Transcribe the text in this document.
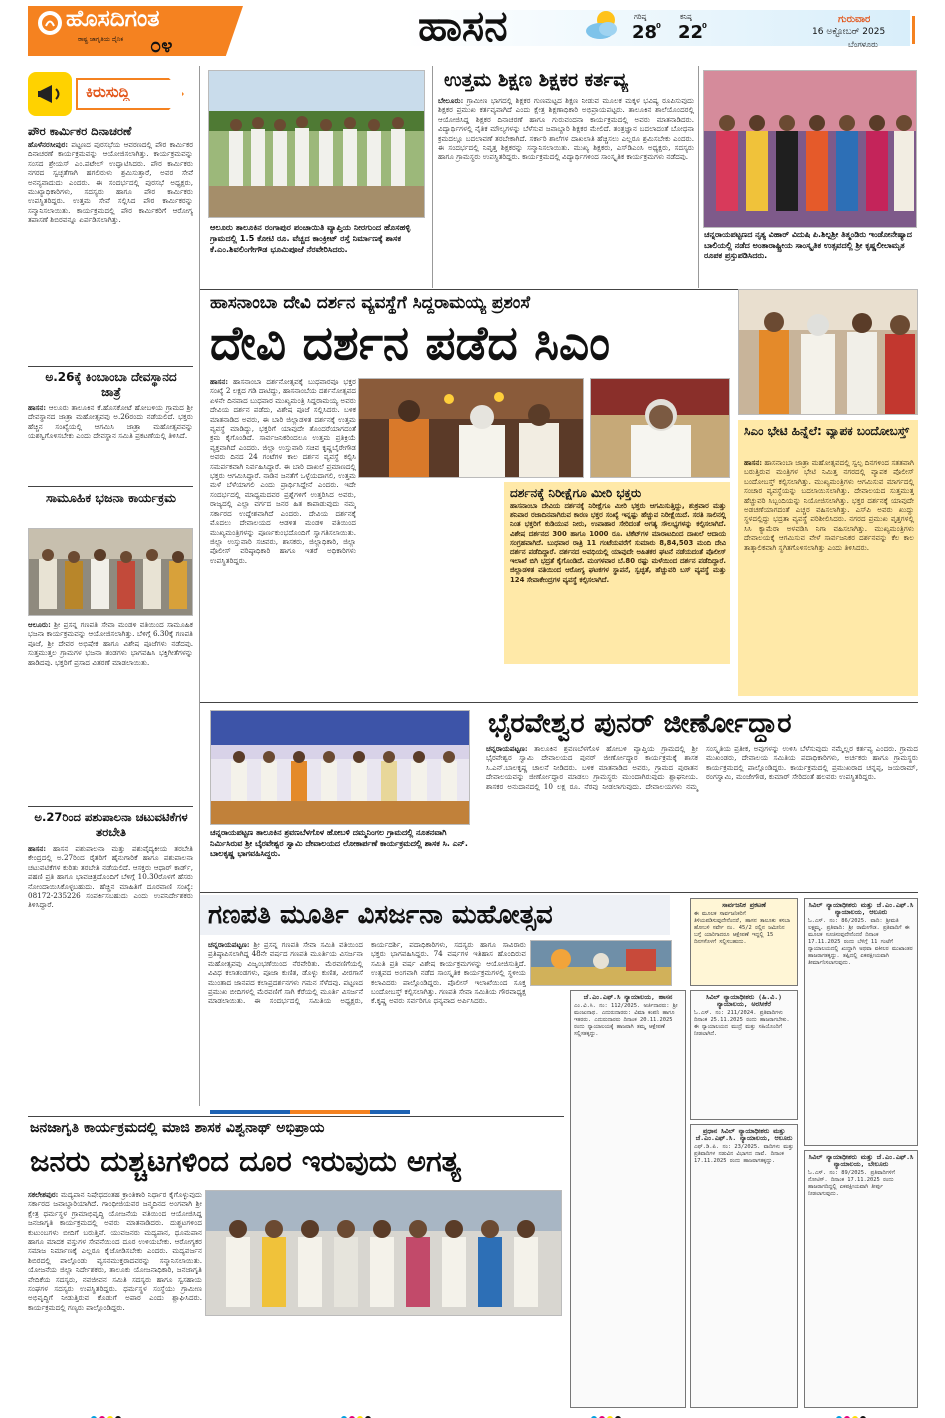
ಹೊಸದಿಗಂತ
ರಾಷ್ಟ್ರ ಜಾಗೃತಿಯ ದೈನಿಕ ೦೪	ಹಾಸನ	ಗರಿಷ್ಠ
28
0
ಕನಿಷ್ಠ
22
0
ಗುರುವಾರ
16 ಅಕ್ಟೋಬರ್ 2025
ಬೆಂಗಳೂರು
ಕಿರುಸುದ್ದಿ
ಪೌರ ಕಾರ್ಮಿಕರ ದಿನಾಚರಣೆ
ಹೊಳೆನರಸೀಪುರ: ಪಟ್ಟಣದ ಪುರಸಭೆಯ ಆವರಣದಲ್ಲಿ ಪೌರ ಕಾರ್ಮಿಕರ ದಿನಾಚರಣೆ ಕಾರ್ಯಕ್ರಮವನ್ನು ಆಯೋಜಿಸಲಾಗಿತ್ತು. ಕಾರ್ಯಕ್ರಮವನ್ನು ಸಂಸದ ಶ್ರೇಯಸ್ ಎಂ.ಪಟೇಲ್ ಉದ್ಘಾಟಿಸಿದರು. ಪೌರ ಕಾರ್ಮಿಕರು ನಗರದ ಸ್ವಚ್ಛತೆಗಾಗಿ ಹಗಲಿರುಳು ಶ್ರಮಿಸುತ್ತಾರೆ, ಅವರ ಸೇವೆ ಅನನ್ಯವಾದುದು ಎಂದರು. ಈ ಸಂದರ್ಭದಲ್ಲಿ ಪುರಸಭೆ ಅಧ್ಯಕ್ಷರು, ಮುಖ್ಯಾಧಿಕಾರಿಗಳು, ಸದಸ್ಯರು ಹಾಗೂ ಪೌರ ಕಾರ್ಮಿಕರು ಉಪಸ್ಥಿತರಿದ್ದರು. ಉತ್ತಮ ಸೇವೆ ಸಲ್ಲಿಸಿದ ಪೌರ ಕಾರ್ಮಿಕರನ್ನು ಸನ್ಮಾನಿಸಲಾಯಿತು. ಕಾರ್ಯಕ್ರಮದಲ್ಲಿ ಪೌರ ಕಾರ್ಮಿಕರಿಗೆ ಆರೋಗ್ಯ ತಪಾಸಣೆ ಶಿಬಿರವನ್ನೂ ಏರ್ಪಡಿಸಲಾಗಿತ್ತು.
ಅ.26ಕ್ಕೆ ಕಿಂಬಾಂಬಾ ದೇವಸ್ಥಾನದ ಜಾತ್ರೆ
ಹಾಸನ: ಆಲೂರು ತಾಲೂಕಿನ ಕೆ.ಹೊಸಕೋಟೆ ಹೋಬಳಿಯ ಗ್ರಾಮದ ಶ್ರೀ ದೇವಸ್ಥಾನದ ಜಾತ್ರಾ ಮಹೋತ್ಸವವು ಅ.26ರಂದು ನಡೆಯಲಿದೆ. ಭಕ್ತರು ಹೆಚ್ಚಿನ ಸಂಖ್ಯೆಯಲ್ಲಿ ಆಗಮಿಸಿ ಜಾತ್ರಾ ಮಹೋತ್ಸವವನ್ನು ಯಶಸ್ವಿಗೊಳಿಸಬೇಕು ಎಂದು ದೇವಸ್ಥಾನ ಸಮಿತಿ ಪ್ರಕಟಣೆಯಲ್ಲಿ ತಿಳಿಸಿದೆ.
ಸಾಮೂಹಿಕ ಭಜನಾ ಕಾರ್ಯಕ್ರಮ
ಆಲೂರು: ಶ್ರೀ ಪ್ರಸನ್ನ ಗಣಪತಿ ಸೇವಾ ಮಂಡಳಿ ವತಿಯಿಂದ ಸಾಮೂಹಿಕ ಭಜನಾ ಕಾರ್ಯಕ್ರಮವನ್ನು ಆಯೋಜಿಸಲಾಗಿತ್ತು. ಬೆಳಿಗ್ಗೆ 6.30ಕ್ಕೆ ಗಣಪತಿ ಪೂಜೆ, ಶ್ರೀ ದೇವರ ಅಭಿಷೇಕ ಹಾಗೂ ವಿಶೇಷ ಪೂಜೆಗಳು ನಡೆದವು. ಸುತ್ತಮುತ್ತಲ ಗ್ರಾಮಗಳ ಭಜನಾ ತಂಡಗಳು ಭಾಗವಹಿಸಿ ಭಕ್ತಿಗೀತೆಗಳನ್ನು ಹಾಡಿದವು. ಭಕ್ತರಿಗೆ ಪ್ರಸಾದ ವಿತರಣೆ ಮಾಡಲಾಯಿತು.
ಅ.27ರಿಂದ ಪಶುಪಾಲನಾ ಚಟುವಟಿಕೆಗಳ ತರಬೇತಿ
ಹಾಸನ: ಹಾಸನ ಪಶುಪಾಲನಾ ಮತ್ತು ಪಶುವೈದ್ಯಕೀಯ ತರಬೇತಿ ಕೇಂದ್ರದಲ್ಲಿ ಅ.27ರಿಂದ ರೈತರಿಗೆ ಹೈನುಗಾರಿಕೆ ಹಾಗೂ ಪಶುಪಾಲನಾ ಚಟುವಟಿಕೆಗಳ ಕುರಿತು ತರಬೇತಿ ನಡೆಯಲಿದೆ. ಆಸಕ್ತರು ಆಧಾರ್ ಕಾರ್ಡ್, ಪಹಣಿ ಪ್ರತಿ ಹಾಗೂ ಭಾವಚಿತ್ರದೊಂದಿಗೆ ಬೆಳಿಗ್ಗೆ 10.30ರೊಳಗೆ ಹೆಸರು ನೋಂದಾಯಿಸಿಕೊಳ್ಳಬಹುದು. ಹೆಚ್ಚಿನ ಮಾಹಿತಿಗೆ ದೂರವಾಣಿ ಸಂಖ್ಯೆ: 08172-235226 ಸಂಪರ್ಕಿಸಬಹುದು ಎಂದು ಉಪನಿರ್ದೇಶಕರು ತಿಳಿಸಿದ್ದಾರೆ.
ಆಲೂರು ತಾಲೂಕಿನ ರಂಗಾಪುರ ಪಂಚಾಯಿತಿ ವ್ಯಾಪ್ತಿಯ ನೀರಗುಂದ ಹೊಸಹಳ್ಳಿ ಗ್ರಾಮದಲ್ಲಿ 1.5 ಕೋಟಿ ರೂ. ವೆಚ್ಚದ ಕಾಂಕ್ರೀಟ್ ರಸ್ತೆ ನಿರ್ಮಾಣಕ್ಕೆ ಶಾಸಕ ಕೆ.ಎಂ.ಶಿವಲಿಂಗೇಗೌಡ ಭೂಮಿಪೂಜೆ ನೆರವೇರಿಸಿದರು.
ಉತ್ತಮ ಶಿಕ್ಷಣ ಶಿಕ್ಷಕರ ಕರ್ತವ್ಯ
ಬೇಲೂರು: ಗ್ರಾಮೀಣ ಭಾಗದಲ್ಲಿ ಶಿಕ್ಷಕರ ಗುಣಮಟ್ಟದ ಶಿಕ್ಷಣ ನೀಡುವ ಮೂಲಕ ಮಕ್ಕಳ ಭವಿಷ್ಯ ರೂಪಿಸುವುದು ಶಿಕ್ಷಕರ ಪ್ರಮುಖ ಕರ್ತವ್ಯವಾಗಿದೆ ಎಂದು ಕ್ಷೇತ್ರ ಶಿಕ್ಷಣಾಧಿಕಾರಿ ಅಭಿಪ್ರಾಯಪಟ್ಟರು. ತಾಲೂಕಿನ ಶಾಲೆಯೊಂದರಲ್ಲಿ ಆಯೋಜಿಸಿದ್ದ ಶಿಕ್ಷಕರ ದಿನಾಚರಣೆ ಹಾಗೂ ಗುರುವಂದನಾ ಕಾರ್ಯಕ್ರಮದಲ್ಲಿ ಅವರು ಮಾತನಾಡಿದರು. ವಿದ್ಯಾರ್ಥಿಗಳಲ್ಲಿ ನೈತಿಕ ಮೌಲ್ಯಗಳನ್ನು ಬೆಳೆಸುವ ಜವಾಬ್ದಾರಿ ಶಿಕ್ಷಕರ ಮೇಲಿದೆ. ತಂತ್ರಜ್ಞಾನ ಬದಲಾದಂತೆ ಬೋಧನಾ ಕ್ರಮದಲ್ಲೂ ಬದಲಾವಣೆ ತರಬೇಕಾಗಿದೆ. ಸರ್ಕಾರಿ ಶಾಲೆಗಳ ದಾಖಲಾತಿ ಹೆಚ್ಚಿಸಲು ಎಲ್ಲರೂ ಶ್ರಮಿಸಬೇಕು ಎಂದರು. ಈ ಸಂದರ್ಭದಲ್ಲಿ ನಿವೃತ್ತ ಶಿಕ್ಷಕರನ್ನು ಸನ್ಮಾನಿಸಲಾಯಿತು. ಮುಖ್ಯ ಶಿಕ್ಷಕರು, ಎಸ್‌ಡಿಎಂಸಿ ಅಧ್ಯಕ್ಷರು, ಸದಸ್ಯರು ಹಾಗೂ ಗ್ರಾಮಸ್ಥರು ಉಪಸ್ಥಿತರಿದ್ದರು. ಕಾರ್ಯಕ್ರಮದಲ್ಲಿ ವಿದ್ಯಾರ್ಥಿಗಳಿಂದ ಸಾಂಸ್ಕೃತಿಕ ಕಾರ್ಯಕ್ರಮಗಳು ನಡೆದವು.
ಚನ್ನರಾಯಪಟ್ಟಣದ ನೃತ್ಯ ವಿಹಾರ್ ವಿದುಷಿ ಪಿ.ಶಿಲ್ಪಶ್ರೀ ತಿತ್ಮಂಡಿರು ಇಂಡೋನೇಷ್ಯಾದ ಬಾಲಿಯಲ್ಲಿ ನಡೆದ ಅಂತಾರಾಷ್ಟ್ರೀಯ ಸಾಂಸ್ಕೃತಿಕ ಉತ್ಸವದಲ್ಲಿ ಶ್ರೀ ಕೃಷ್ಣಲೀಲಾಮೃತ ರೂಪಕ ಪ್ರಸ್ತುಪಡಿಸಿದರು.
ಹಾಸನಾಂಬಾ ದೇವಿ ದರ್ಶನ ವ್ಯವಸ್ಥೆಗೆ ಸಿದ್ದರಾಮಯ್ಯ ಪ್ರಶಂಸೆ
ದೇವಿ ದರ್ಶನ ಪಡೆದ ಸಿಎಂ
ಹಾಸನ: ಹಾಸನಾಂಬಾ ದರ್ಶನೋತ್ಸವಕ್ಕೆ ಬುಧವಾರವೂ ಭಕ್ತರ ಸಂಖ್ಯೆ 2 ಲಕ್ಷದ ಗಡಿ ದಾಟಿದ್ದು, ಹಾಸನಾಂಬೆಯ ದರ್ಶನೋತ್ಸವದ ಏಳನೇ ದಿನವಾದ ಬುಧವಾರ ಮುಖ್ಯಮಂತ್ರಿ ಸಿದ್ದರಾಮಯ್ಯ ಅವರು ದೇವಿಯ ದರ್ಶನ ಪಡೆದು, ವಿಶೇಷ ಪೂಜೆ ಸಲ್ಲಿಸಿದರು. ಬಳಿಕ ಮಾತನಾಡಿದ ಅವರು, ಈ ಬಾರಿ ಜಿಲ್ಲಾಡಳಿತ ದರ್ಶನಕ್ಕೆ ಉತ್ತಮ ವ್ಯವಸ್ಥೆ ಮಾಡಿದ್ದು, ಭಕ್ತರಿಗೆ ಯಾವುದೇ ತೊಂದರೆಯಾಗದಂತೆ ಕ್ರಮ ಕೈಗೊಂಡಿದೆ. ಸಾರ್ವಜನಿಕರಿಂದಲೂ ಉತ್ತಮ ಪ್ರತಿಕ್ರಿಯೆ ವ್ಯಕ್ತವಾಗಿದೆ ಎಂದರು. ಜಿಲ್ಲಾ ಉಸ್ತುವಾರಿ ಸಚಿವ ಕೃಷ್ಣಬೈರೇಗೌಡ ಅವರು ದಿನದ 24 ಗಂಟೆಗಳ ಕಾಲ ದರ್ಶನ ವ್ಯವಸ್ಥೆ ಕಲ್ಪಿಸಿ ಸಮರ್ಪಕವಾಗಿ ನಿರ್ವಹಿಸಿದ್ದಾರೆ. ಈ ಬಾರಿ ದಾಖಲೆ ಪ್ರಮಾಣದಲ್ಲಿ ಭಕ್ತರು ಆಗಮಿಸಿದ್ದಾರೆ. ನಾಡಿನ ಜನತೆಗೆ ಒಳ್ಳೆಯದಾಗಲಿ, ಉತ್ತಮ ಮಳೆ ಬೆಳೆಯಾಗಲಿ ಎಂದು ಪ್ರಾರ್ಥಿಸಿದ್ದೇನೆ ಎಂದರು. ಇದೇ ಸಂದರ್ಭದಲ್ಲಿ ಮಾಧ್ಯಮದವರ ಪ್ರಶ್ನೆಗಳಿಗೆ ಉತ್ತರಿಸಿದ ಅವರು, ರಾಜ್ಯದಲ್ಲಿ ಎಲ್ಲಾ ವರ್ಗದ ಜನರ ಹಿತ ಕಾಪಾಡುವುದು ನಮ್ಮ ಸರ್ಕಾರದ ಉದ್ದೇಶವಾಗಿದೆ ಎಂದರು. ದೇವಿಯ ದರ್ಶನಕ್ಕೆ ಮೊದಲು ದೇವಾಲಯದ ಆಡಳಿತ ಮಂಡಳಿ ವತಿಯಿಂದ ಮುಖ್ಯಮಂತ್ರಿಗಳನ್ನು ಪೂರ್ಣಕುಂಭದೊಂದಿಗೆ ಸ್ವಾಗತಿಸಲಾಯಿತು. ಜಿಲ್ಲಾ ಉಸ್ತುವಾರಿ ಸಚಿವರು, ಶಾಸಕರು, ಜಿಲ್ಲಾಧಿಕಾರಿ, ಜಿಲ್ಲಾ ಪೊಲೀಸ್ ವರಿಷ್ಠಾಧಿಕಾರಿ ಹಾಗೂ ಇತರೆ ಅಧಿಕಾರಿಗಳು ಉಪಸ್ಥಿತರಿದ್ದರು.
ದರ್ಶನಕ್ಕೆ ನಿರೀಕ್ಷೆಗೂ ಮೀರಿ ಭಕ್ತರು
ಹಾಸನಾಂಬಾ ದೇವಿಯ ದರ್ಶನಕ್ಕೆ ನಿರೀಕ್ಷೆಗೂ ಮೀರಿ ಭಕ್ತರು ಆಗಮಿಸುತ್ತಿದ್ದು, ಶುಕ್ರವಾರ ಮತ್ತು ಶನಿವಾರ ರಜಾದಿನವಾಗಿರುವ ಕಾರಣ ಭಕ್ತರ ಸಂಖ್ಯೆ ಇನ್ನಷ್ಟು ಹೆಚ್ಚುವ ನಿರೀಕ್ಷೆಯಿದೆ. ಸರತಿ ಸಾಲಿನಲ್ಲಿ ನಿಂತ ಭಕ್ತರಿಗೆ ಕುಡಿಯುವ ನೀರು, ಉಪಾಹಾರ ಸೇರಿದಂತೆ ಅಗತ್ಯ ಸೌಲಭ್ಯಗಳನ್ನು ಕಲ್ಪಿಸಲಾಗಿದೆ. ವಿಶೇಷ ದರ್ಶನದ 300 ಹಾಗೂ 1000 ರೂ. ಟಿಕೆಟ್‌ಗಳ ಮಾರಾಟದಿಂದ ದಾಖಲೆ ಆದಾಯ ಸಂಗ್ರಹವಾಗಿದೆ. ಬುಧವಾರ ರಾತ್ರಿ 11 ಗಂಟೆಯವರೆಗೆ ಸುಮಾರು 8,84,503 ಮಂದಿ ದೇವಿ ದರ್ಶನ ಪಡೆದಿದ್ದಾರೆ. ದರ್ಶನದ ಅವಧಿಯಲ್ಲಿ ಯಾವುದೇ ಅಹಿತಕರ ಘಟನೆ ನಡೆಯದಂತೆ ಪೊಲೀಸ್ ಇಲಾಖೆ ಬಿಗಿ ಭದ್ರತೆ ಕೈಗೊಂಡಿದೆ. ಮಂಗಳವಾರ ಬೆ.80 ರಷ್ಟು ಮಳೆಯಿಂದ ದರ್ಶನ ಪಡೆದಿದ್ದಾರೆ. ಜಿಲ್ಲಾಡಳಿತ ವತಿಯಿಂದ ಆರೋಗ್ಯ ಘಟಕಗಳ ಸ್ಥಾಪನೆ, ಸ್ವಚ್ಛತೆ, ಹೆಚ್ಚುವರಿ ಬಸ್ ವ್ಯವಸ್ಥೆ ಮತ್ತು 124 ಸೇವಾಕೇಂದ್ರಗಳ ವ್ಯವಸ್ಥೆ ಕಲ್ಪಿಸಲಾಗಿದೆ.
ಸಿಎಂ ಭೇಟಿ ಹಿನ್ನೆಲೆ: ವ್ಯಾಪಕ ಬಂದೋಬಸ್ತ್
ಹಾಸನ: ಹಾಸನಾಂಬಾ ಜಾತ್ರಾ ಮಹೋತ್ಸವದಲ್ಲಿ ಸ್ವಲ್ಪ ದಿನಗಳಿಂದ ಸತತವಾಗಿ ಬರುತ್ತಿರುವ ಮಂತ್ರಿಗಳ ಭೇಟಿ ನಿಮಿತ್ತ ನಗರದಲ್ಲಿ ವ್ಯಾಪಕ ಪೊಲೀಸ್ ಬಂದೋಬಸ್ತ್ ಕಲ್ಪಿಸಲಾಗಿತ್ತು. ಮುಖ್ಯಮಂತ್ರಿಗಳು ಆಗಮಿಸುವ ಮಾರ್ಗದಲ್ಲಿ ಸಂಚಾರ ವ್ಯವಸ್ಥೆಯನ್ನು ಬದಲಾಯಿಸಲಾಗಿತ್ತು. ದೇವಾಲಯದ ಸುತ್ತಮುತ್ತ ಹೆಚ್ಚುವರಿ ಸಿಬ್ಬಂದಿಯನ್ನು ನಿಯೋಜಿಸಲಾಗಿತ್ತು. ಭಕ್ತರ ದರ್ಶನಕ್ಕೆ ಯಾವುದೇ ಅಡಚಣೆಯಾಗದಂತೆ ಎಚ್ಚರ ವಹಿಸಲಾಗಿತ್ತು. ಎಸ್‌ಪಿ ಅವರು ಖುದ್ದು ಸ್ಥಳದಲ್ಲಿದ್ದು ಭದ್ರತಾ ವ್ಯವಸ್ಥೆ ಪರಿಶೀಲಿಸಿದರು. ನಗರದ ಪ್ರಮುಖ ವೃತ್ತಗಳಲ್ಲಿ ಸಿಸಿ ಕ್ಯಾಮೆರಾ ಅಳವಡಿಸಿ ನಿಗಾ ವಹಿಸಲಾಗಿತ್ತು. ಮುಖ್ಯಮಂತ್ರಿಗಳು ದೇವಾಲಯಕ್ಕೆ ಆಗಮಿಸುವ ವೇಳೆ ಸಾರ್ವಜನಿಕರ ದರ್ಶನವನ್ನು ಕೆಲ ಕಾಲ ತಾತ್ಕಾಲಿಕವಾಗಿ ಸ್ಥಗಿತಗೊಳಿಸಲಾಗಿತ್ತು ಎಂದು ತಿಳಿಸಿದರು.
ಚನ್ನರಾಯಪಟ್ಟಣ ತಾಲೂಕಿನ ಶ್ರವಣಬೆಳಗೊಳ ಹೋಬಳಿ ದಮ್ಮನಿಂಗಲ ಗ್ರಾಮದಲ್ಲಿ ನೂತನವಾಗಿ ನಿರ್ಮಿಸಿರುವ ಶ್ರೀ ಬೈರವೇಶ್ವರ ಸ್ವಾಮಿ ದೇವಾಲಯದ ಲೋಕಾರ್ಪಣೆ ಕಾರ್ಯಕ್ರಮದಲ್ಲಿ ಶಾಸಕ ಸಿ. ಎನ್. ಬಾಲಕೃಷ್ಣ ಭಾಗವಹಿಸಿದ್ದರು.
ಭೈರವೇಶ್ವರ ಪುನರ್ ಜೀರ್ಣೋದ್ಧಾರ
ಚನ್ನರಾಯಪಟ್ಟಣ: ತಾಲೂಕಿನ ಶ್ರವಣಬೆಳಗೊಳ ಹೋಬಳಿ ವ್ಯಾಪ್ತಿಯ ಗ್ರಾಮದಲ್ಲಿ ಶ್ರೀ ಭೈರವೇಶ್ವರ ಸ್ವಾಮಿ ದೇವಾಲಯದ ಪುನರ್ ಜೀರ್ಣೋದ್ಧಾರ ಕಾರ್ಯಕ್ರಮಕ್ಕೆ ಶಾಸಕ ಸಿ.ಎನ್.ಬಾಲಕೃಷ್ಣ ಚಾಲನೆ ನೀಡಿದರು. ಬಳಿಕ ಮಾತನಾಡಿದ ಅವರು, ಗ್ರಾಮದ ಪುರಾತನ ದೇವಾಲಯವನ್ನು ಜೀರ್ಣೋದ್ಧಾರ ಮಾಡಲು ಗ್ರಾಮಸ್ಥರು ಮುಂದಾಗಿರುವುದು ಶ್ಲಾಘನೀಯ. ಶಾಸಕರ ಅನುದಾನದಲ್ಲಿ 10 ಲಕ್ಷ ರೂ. ನೆರವು ನೀಡಲಾಗುವುದು. ದೇವಾಲಯಗಳು ನಮ್ಮ ಸಂಸ್ಕೃತಿಯ ಪ್ರತೀಕ, ಅವುಗಳನ್ನು ಉಳಿಸಿ ಬೆಳೆಸುವುದು ನಮ್ಮೆಲ್ಲರ ಕರ್ತವ್ಯ ಎಂದರು. ಗ್ರಾಮದ ಮುಖಂಡರು, ದೇವಾಲಯ ಸಮಿತಿಯ ಪದಾಧಿಕಾರಿಗಳು, ಅರ್ಚಕರು ಹಾಗೂ ಗ್ರಾಮಸ್ಥರು ಕಾರ್ಯಕ್ರಮದಲ್ಲಿ ಪಾಲ್ಗೊಂಡಿದ್ದರು. ಕಾರ್ಯಕ್ರಮದಲ್ಲಿ ಪ್ರಮುಖರಾದ ಚನ್ನಪ್ಪ, ಜಯರಾಮ್, ರಂಗಸ್ವಾಮಿ, ಮಂಜೇಗೌಡ, ಕುಮಾರ್ ಸೇರಿದಂತೆ ಹಲವರು ಉಪಸ್ಥಿತರಿದ್ದರು.
ಗಣಪತಿ ಮೂರ್ತಿ ವಿಸರ್ಜನಾ ಮಹೋತ್ಸವ
ಚನ್ನರಾಯಪಟ್ಟಣ: ಶ್ರೀ ಪ್ರಸನ್ನ ಗಣಪತಿ ಸೇವಾ ಸಮಿತಿ ವತಿಯಿಂದ ಪ್ರತಿಷ್ಠಾಪಿಸಲಾಗಿದ್ದ 48ನೇ ವರ್ಷದ ಗಣಪತಿ ಮೂರ್ತಿಯ ವಿಸರ್ಜನಾ ಮಹೋತ್ಸವವು ವಿಜೃಂಭಣೆಯಿಂದ ನೆರವೇರಿತು. ಮೆರವಣಿಗೆಯಲ್ಲಿ ವಿವಿಧ ಕಲಾತಂಡಗಳು, ಪೂಜಾ ಕುಣಿತ, ಡೊಳ್ಳು ಕುಣಿತ, ವೀರಗಾಸೆ ಮುಂತಾದ ಜಾನಪದ ಕಲಾಪ್ರದರ್ಶನಗಳು ಗಮನ ಸೆಳೆದವು. ಪಟ್ಟಣದ ಪ್ರಮುಖ ಬೀದಿಗಳಲ್ಲಿ ಮೆರವಣಿಗೆ ಸಾಗಿ ಕೆರೆಯಲ್ಲಿ ಮೂರ್ತಿ ವಿಸರ್ಜನೆ ಮಾಡಲಾಯಿತು. ಈ ಸಂದರ್ಭದಲ್ಲಿ ಸಮಿತಿಯ ಅಧ್ಯಕ್ಷರು, ಕಾರ್ಯದರ್ಶಿ, ಪದಾಧಿಕಾರಿಗಳು, ಸದಸ್ಯರು ಹಾಗೂ ಸಾವಿರಾರು ಭಕ್ತರು ಭಾಗವಹಿಸಿದ್ದರು. 74 ವರ್ಷಗಳ ಇತಿಹಾಸ ಹೊಂದಿರುವ ಸಮಿತಿ ಪ್ರತಿ ವರ್ಷ ವಿಶೇಷ ಕಾರ್ಯಕ್ರಮಗಳನ್ನು ಆಯೋಜಿಸುತ್ತಿದೆ. ಉತ್ಸವದ ಅಂಗವಾಗಿ ನಡೆದ ಸಾಂಸ್ಕೃತಿಕ ಕಾರ್ಯಕ್ರಮಗಳಲ್ಲಿ ಸ್ಥಳೀಯ ಕಲಾವಿದರು ಪಾಲ್ಗೊಂಡಿದ್ದರು. ಪೊಲೀಸ್ ಇಲಾಖೆಯಿಂದ ಸೂಕ್ತ ಬಂದೋಬಸ್ತ್ ಕಲ್ಪಿಸಲಾಗಿತ್ತು. ಗಣಪತಿ ಸೇವಾ ಸಮಿತಿಯ ಗೌರವಾಧ್ಯಕ್ಷ ಕೆ.ಕೃಷ್ಣ ಅವರು ಸರ್ವರಿಗೂ ಧನ್ಯವಾದ ಅರ್ಪಿಸಿದರು.
ಸಾರ್ವಜನಿಕ ಪ್ರಕಟಣೆ
ಈ ಮೂಲಕ ಸಾರ್ವಜನಿಕರಿಗೆ ತಿಳಿಯಪಡಿಸುವುದೇನೆಂದರೆ, ಹಾಸನ ತಾಲೂಕು ಕಸಬಾ ಹೋಬಳಿ ಸರ್ವೇ ನಂ. 45/2 ರಲ್ಲಿನ ಜಮೀನಿನ ಬಗ್ಗೆ ಯಾರಿಗಾದರೂ ಆಕ್ಷೇಪಣೆ ಇದ್ದಲ್ಲಿ 15 ದಿನಗಳೊಳಗೆ ಸಲ್ಲಿಸಬಹುದು.
ಸಿವಿಲ್ ನ್ಯಾಯಾಧೀಶರು ಮತ್ತು ಜೆ.ಎಂ.ಎಫ್.ಸಿ ನ್ಯಾಯಾಲಯ, ಆಲೂರು
ಓ.ಎಸ್. ನಂ: 86/2025. ವಾದಿ: ಶ್ರೀಮತಿ ಲಕ್ಷ್ಮಮ್ಮ. ಪ್ರತಿವಾದಿ: ಶ್ರೀ ರಾಮೇಗೌಡ. ಪ್ರತಿವಾದಿಗೆ ಈ ಮೂಲಕ ಸೂಚಿಸುವುದೇನೆಂದರೆ ದಿನಾಂಕ 17.11.2025 ರಂದು ಬೆಳಿಗ್ಗೆ 11 ಗಂಟೆಗೆ ನ್ಯಾಯಾಲಯದಲ್ಲಿ ಖುದ್ದಾಗಿ ಅಥವಾ ವಕೀಲರ ಮುಖಾಂತರ ಹಾಜರಾಗತಕ್ಕದ್ದು. ತಪ್ಪಿದಲ್ಲಿ ಏಕಪಕ್ಷೀಯವಾಗಿ ತೀರ್ಮಾನಿಸಲಾಗುವುದು.
ಸಿವಿಲ್ ನ್ಯಾಯಾಧೀಶರು (ಹಿ.ವಿ.) ನ್ಯಾಯಾಲಯ, ಅರಸೀಕೆರೆ
ಓ.ಎಸ್. ನಂ: 211/2024. ಪ್ರತಿವಾದಿಗಳು ದಿನಾಂಕ 25.11.2025 ರಂದು ಹಾಜರಾಗಬೇಕು. ಈ ನ್ಯಾಯಾಲಯದ ಮುದ್ರೆ ಮತ್ತು ಸಹಿಯೊಂದಿಗೆ ನೀಡಲಾಗಿದೆ.
ಜೆ.ಎಂ.ಎಫ್.ಸಿ ನ್ಯಾಯಾಲಯ, ಹಾಸನ
ಎಂ.ವಿ.ಸಿ. ನಂ: 112/2025. ಅರ್ಜಿದಾರರು: ಶ್ರೀ ಮಂಜುನಾಥ. ಎದುರುದಾರರು: ವಿಮಾ ಕಂಪನಿ ಹಾಗೂ ಇತರರು. ಎದುರುದಾರರು ದಿನಾಂಕ 20.11.2025 ರಂದು ನ್ಯಾಯಾಲಯಕ್ಕೆ ಹಾಜರಾಗಿ ತಮ್ಮ ಆಕ್ಷೇಪಣೆ ಸಲ್ಲಿಸತಕ್ಕದ್ದು.
ಪ್ರಧಾನ ಸಿವಿಲ್ ನ್ಯಾಯಾಧೀಶರು ಮತ್ತು ಜೆ.ಎಂ.ಎಫ್.ಸಿ. ನ್ಯಾಯಾಲಯ, ಆಲೂರು
ಎಫ್.ಡಿ.ಪಿ. ನಂ: 23/2025. ವಾದಿಗಳು ಮತ್ತು ಪ್ರತಿವಾದಿಗಳ ನಡುವಿನ ವಿಭಾಗದ ದಾವೆ. ದಿನಾಂಕ 17.11.2025 ರಂದು ಹಾಜರಾಗತಕ್ಕದ್ದು.	ಸಿವಿಲ್ ನ್ಯಾಯಾಧೀಶರು ಮತ್ತು ಜೆ.ಎಂ.ಎಫ್.ಸಿ ನ್ಯಾಯಾಲಯ, ಬೇಲೂರು
ಓ.ಎಸ್. ನಂ: 89/2025. ಪ್ರತಿವಾದಿಗಳಿಗೆ ನೋಟಿಸ್. ದಿನಾಂಕ 17.11.2025 ರಂದು ಹಾಜರಾಗದಿದ್ದಲ್ಲಿ ಏಕಪಕ್ಷೀಯವಾಗಿ ತೀರ್ಪು ನೀಡಲಾಗುವುದು.
ಜನಜಾಗೃತಿ ಕಾರ್ಯಕ್ರಮದಲ್ಲಿ ಮಾಜಿ ಶಾಸಕ ವಿಶ್ವನಾಥ್ ಅಭಿಪ್ರಾಯ
ಜನರು ದುಶ್ಚಟಗಳಿಂದ ದೂರ ಇರುವುದು ಅಗತ್ಯ
ಸಕಲೇಶಪುರ: ಮದ್ಯಪಾನ ನಿಷೇಧದಂತಹ ಕ್ರಾಂತಿಕಾರಿ ನಿರ್ಧಾರ ಕೈಗೊಳ್ಳುವುದು ಸರ್ಕಾರದ ಜವಾಬ್ದಾರಿಯಾಗಿದೆ. ಗಾಂಧೀಜಿಯವರ ಜನ್ಮದಿನದ ಅಂಗವಾಗಿ ಶ್ರೀ ಕ್ಷೇತ್ರ ಧರ್ಮಸ್ಥಳ ಗ್ರಾಮಾಭಿವೃದ್ಧಿ ಯೋಜನೆಯ ವತಿಯಿಂದ ಆಯೋಜಿಸಿದ್ದ ಜನಜಾಗೃತಿ ಕಾರ್ಯಕ್ರಮದಲ್ಲಿ ಅವರು ಮಾತನಾಡಿದರು. ದುಶ್ಚಟಗಳಿಂದ ಕುಟುಂಬಗಳು ಬೀದಿಗೆ ಬರುತ್ತಿವೆ. ಯುವಜನರು ಮದ್ಯಪಾನ, ಧೂಮಪಾನ ಹಾಗೂ ಮಾದಕ ವಸ್ತುಗಳ ಸೇವನೆಯಿಂದ ದೂರ ಉಳಿಯಬೇಕು. ಆರೋಗ್ಯಕರ ಸಮಾಜ ನಿರ್ಮಾಣಕ್ಕೆ ಎಲ್ಲರೂ ಕೈಜೋಡಿಸಬೇಕು ಎಂದರು. ಮದ್ಯವರ್ಜನ ಶಿಬಿರದಲ್ಲಿ ಪಾಲ್ಗೊಂಡು ವ್ಯಸನಮುಕ್ತರಾದವರನ್ನು ಸನ್ಮಾನಿಸಲಾಯಿತು. ಯೋಜನೆಯ ಜಿಲ್ಲಾ ನಿರ್ದೇಶಕರು, ತಾಲೂಕು ಯೋಜನಾಧಿಕಾರಿ, ಜನಜಾಗೃತಿ ವೇದಿಕೆಯ ಸದಸ್ಯರು, ನವಜೀವನ ಸಮಿತಿ ಸದಸ್ಯರು ಹಾಗೂ ಸ್ವಸಹಾಯ ಸಂಘಗಳ ಸದಸ್ಯರು ಉಪಸ್ಥಿತರಿದ್ದರು. ಧರ್ಮಸ್ಥಳ ಸಂಸ್ಥೆಯು ಗ್ರಾಮೀಣ ಅಭಿವೃದ್ಧಿಗೆ ನೀಡುತ್ತಿರುವ ಕೊಡುಗೆ ಅಪಾರ ಎಂದು ಶ್ಲಾಘಿಸಿದರು. ಕಾರ್ಯಕ್ರಮದಲ್ಲಿ ಗಣ್ಯರು ಪಾಲ್ಗೊಂಡಿದ್ದರು.
